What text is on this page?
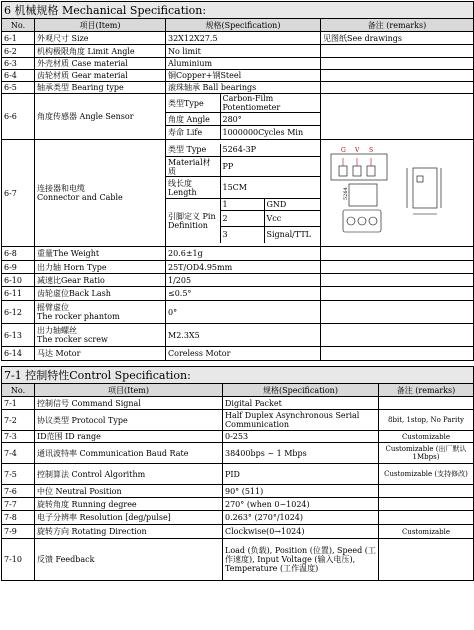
6 机械规格 Mechanical Specification:
No.	项目(Item)	规格(Specification)	备注 (remarks)
6-1	外观尺寸 Size	32X12X27.5	见图纸See drawings
6-2	机构极限角度 Limit Angle	No limit	
6-3	外壳材质 Case material	Aluminium	
6-4	齿轮材质 Gear material	铜Copper+钢Steel	
6-5	轴承类型 Bearing type	滚珠轴承 Ball bearings	
6-6	角度传感器 Angle Sensor	
类型Type	Carbon-Film Potentiometer
角度 Angle	280°
寿命 Life	1000000Cycles Min

6-7	连接器和电缆
Connector and Cable

类型 Type	5264-3P
Material材质	PP
线长度 Length	15CM
引脚定义 Pin Definition	1	GND
2	Vcc
3	Signal/TTL

G V S
5264

6-8	重量The Weight	20.6±1g	
6-9	出力轴 Horn Type	25T/OD4.95mm	
6-10	减速比Gear Ratio	1/205	
6-11	齿轮虚位Back Lash	≤0.5°	
6-12	摇臂虚位
The rocker phantom	0°	
6-13	出力轴螺丝
The rocker screw	M2.3X5	
6-14	马达 Motor	Coreless Motor	
7-1 控制特性Control Specification:			
No.	项目(Item)	规格(Specification)	备注 (remarks)
7-1	控制信号 Command Signal	Digital Packet	
7-2	协议类型 Protocol Type	Half Duplex Asynchronous Serial Communication	8bit, 1stop, No Parity
7-3	ID范围 ID range	0-253	Customizable
7-4	通讯波特率 Communication Baud Rate	38400bps ~ 1 Mbps	Customizable (出厂默认1Mbps)
7-5	控制算法 Control Algorithm	PID	Customizable (支持修改)
7-6	中位 Neutral Position	90° (511)	
7-7	旋转角度 Running degree	270° (when 0~1024)	
7-8	电子分辨率 Resolution [deg/pulse]	0.263° (270°/1024)	
7-9	旋转方向 Rotating Direction	Clockwise(0→1024)	Customizable
7-10	反馈 Feedback	Load (负载), Position (位置), Speed (工作速度), Input Voltage (输入电压), Temperature (工作温度)	
